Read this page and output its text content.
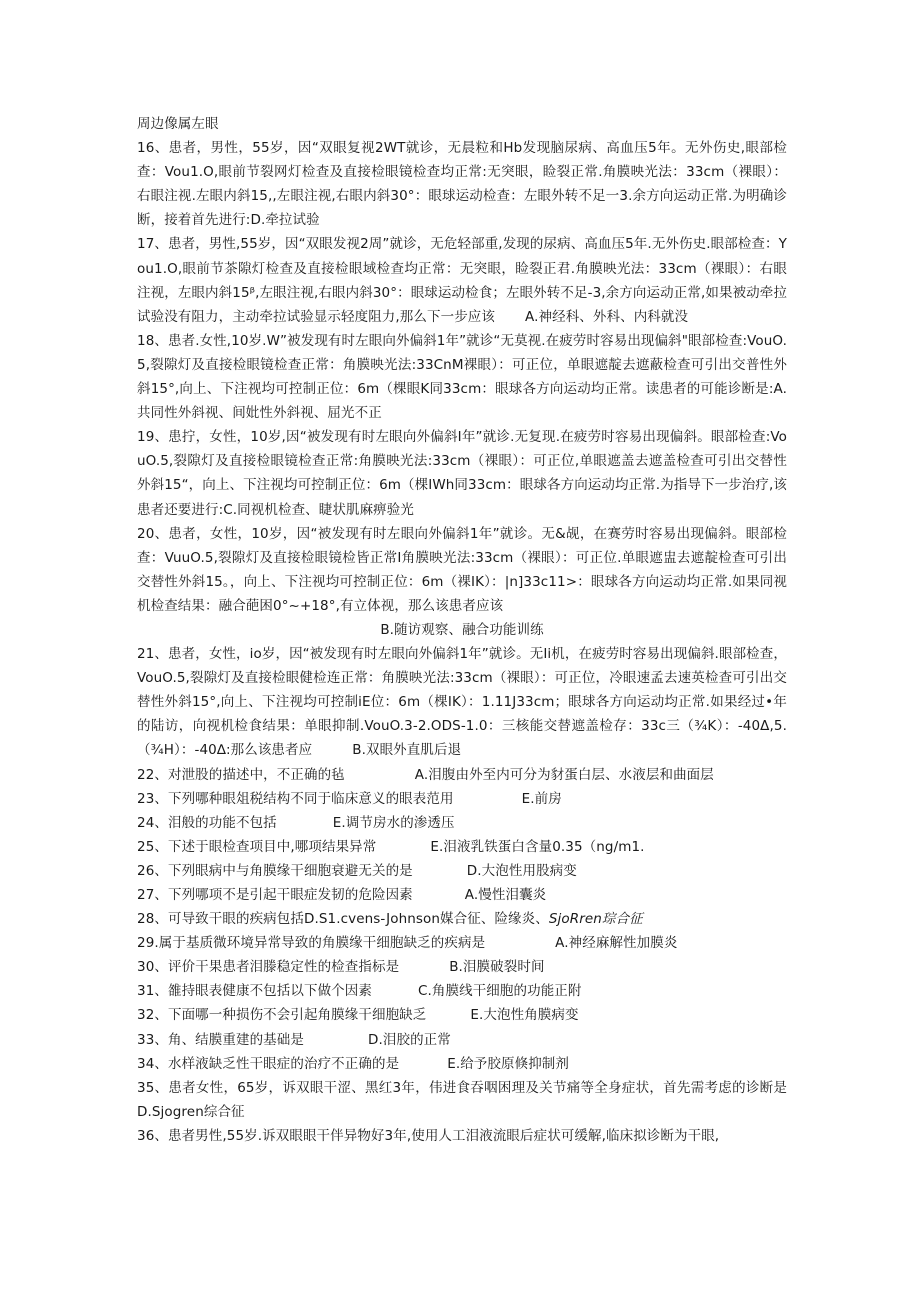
周边像属左眼

16、患者，男性，55岁，因“双眼复视2WT就诊，无晨粒和Hb发现脑尿病、高血压5年。无外伤史,眼部检查：Vou1.O,眼前节裂网灯检查及直接检眼镜检查均正常:无突眼，睑裂正常.角膜映光法：33cm（裸眼）：右眼注视.左眼内斜15,,左眼注视,右眼内斜30°：眼球运动检查：左眼外转不足一3.余方向运动正常.为明确诊断，接着首先进行:D.牵拉试验

17、患者，男性,55岁，因“双眼发视2周”就诊，无危轻部重,发现的尿病、高血压5年.无外伤史.眼部检查：You1.O,眼前节茶隙灯检查及直接检眼域检查均正常：无突眼，睑裂正君.角膜映光法：33cm（裸眼）：右眼注视，左眼内斜15ᵝ,左眼注视,右眼内斜30°：眼球运动检食；左眼外转不足-3,余方向运动正常,如果被动牵拉试验没有阻力，主动牵拉试验显示轻度阻力,那么下一步应该 A.神经科、外科、内科就没

18、患者.女性,10岁.W”被发现有时左眼向外偏斜1年”就诊“无莫视.在疲劳时容易出现偏斜"眼部检查:VouO.5,裂隙灯及直接检眼镜检查正常：角膜映光法:33CnM裸眼）：可正位，单眼遮靛去遮蔽检查可引出交普性外斜15°,向上、下注视均可控制正位：6m（棵眼K同33cm：眼球各方向运动均正常。读患者的可能诊断是:A.共同性外斜视、间妣性外斜视、屈光不正

19、患拧，女性，10岁,因“被发现有时左眼向外偏斜Ⅰ年”就诊.无复现.在疲劳时容易出现偏斜。眼部检查:VouO.5,裂隙灯及直接检眼镜检查正常:角膜映光法:33cm（裸眼）：可正位,单眼遮盖去遮盖检查可引出交替性外斜15“，向上、下注视均可控制正位：6m（棵IWh同33cm：眼球各方向运动均正常.为指导下一步治疗,该患者还要进行:C.同视机检查、睫状肌麻痹验光

20、患者，女性，10岁，因“被发现有时左眼向外偏斜1年”就诊。无&觇，在赛劳时容易出现偏斜。眼部检查：VuuO.5,裂隙灯及直接检眼镜检皆正常I角膜映光法:33cm（裸眼）：可正位.单眼遮盅去遮靛检查可引出交替性外斜15。，向上、下注视均可控制正位：6m（裸IK）：|n]33c11>：眼球各方向运动均正常.如果同视机检查结果：融合葩困0°~+18°,有立体视，那么该患者应该

B.随访观察、融合功能训练

21、患者，女性，io岁，因“被发现有时左眼向外偏斜1年”就诊。无Ii机，在疲劳时容易出现偏斜.眼部检查，VouO.5,裂隙灯及直接检眼健检连正常：角膜映光法:33cm（裸眼）：可正位，冷眼速孟去速英检查可引出交替性外斜15°,向上、下注视均可控制iE位：6m（棵IK）：1.11J33cm；眼球各方向运动均正常.如果经过•年的陆访，向视机检食结果：单眼抑制.VouO.3-2.ODS-1.0：三核能交替遮盖检存：33c三（¾K）：-40Δ,5.（¾H）：-40∆:那么该患者应	B.双眼外直肌后退

22、对泄股的描述中，不正确的毡	A.泪腹由外至内可分为豺蛋白层、水液层和曲面层

23、下列哪种眼俎税结构不同于临床意义的眼表范用	E.前房

24、泪般的功能不包括	E.调节房水的渗透压

25、下述于眼检查项目中,哪项结果异常	E.泪液乳铁蛋白含量0.35（ng∕m1.

26、下列眼病中与角膜缘干细胞衰避无关的是	D.大泡性用股病变

27、下列哪项不是引起干眼症发韧的危险因素	A.慢性泪囊炎

28、可导致干眼的疾病包括D.S1.cvens-Johnson媒合征、险缘炎、SjoRren琮合征

29.属于基质微环境异常导致的角膜缘干细胞缺乏的疾病是	A.神经麻解性加膜炎

30、评价干果患者泪滕稳定性的检查指标是	B.泪膜破裂时间

31、雒持眼表健康不包括以下做个因素	C.角膜线干细胞的功能正附

32、下面哪一种损伤不会引起角膜缘干细胞缺乏	E.大泡性角膜病变

33、角、结膜重建的基础是	D.泪胶的正常

34、水样液缺乏性干眼症的治疗不正确的是	E.给予胶原倏抑制剂

35、患者女性，65岁，诉双眼干涩、黑红3年，伟进食吞咽困理及关节痛等全身症状，首先需考虑的诊断是D.Sjogren综合征

36、患者男性,55岁.诉双眼眼干伴异物好3年,使用人工泪液流眼后症状可缓解,临床拟诊断为干眼,
